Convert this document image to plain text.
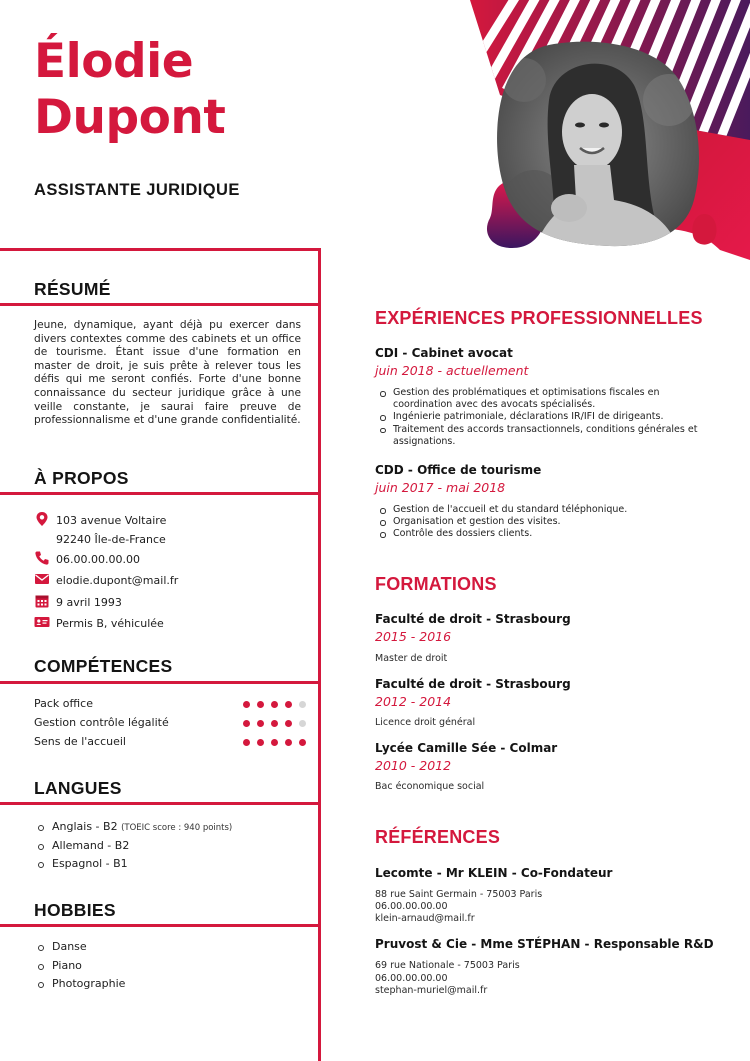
Élodie
Dupont
ASSISTANTE JURIDIQUE
RÉSUMÉ
Jeune, dynamique, ayant déjà pu exercer dans divers contextes comme des cabinets et un office de tourisme. Étant issue d'une formation en master de droit, je suis prête à relever tous les défis qui me seront confiés. Forte d'une bonne connaissance du secteur juridique grâce à une veille constante, je saurai faire preuve de professionnalisme et d'une grande confidentialité.
À PROPOS
103 avenue Voltaire
92240 Île-de-France
06.00.00.00.00
elodie.dupont@mail.fr
9 avril 1993
Permis B, véhiculée
COMPÉTENCES
Pack office
Gestion contrôle légalité
Sens de l'accueil
LANGUES
Anglais - B2 (TOEIC score : 940 points)
Allemand - B2
Espagnol - B1
HOBBIES
Danse
Piano
Photographie
EXPÉRIENCES PROFESSIONNELLES
CDI - Cabinet avocat
juin 2018 - actuellement
Gestion des problématiques et optimisations fiscales en coordination avec des avocats spécialisés.
Ingénierie patrimoniale, déclarations IR/IFI de dirigeants.
Traitement des accords transactionnels, conditions générales et assignations.
CDD - Office de tourisme
juin 2017 - mai 2018
Gestion de l'accueil et du standard téléphonique.
Organisation et gestion des visites.
Contrôle des dossiers clients.
FORMATIONS
Faculté de droit - Strasbourg
2015 - 2016
Master de droit
Faculté de droit - Strasbourg
2012 - 2014
Licence droit général
Lycée Camille Sée - Colmar
2010 - 2012
Bac économique social
RÉFÉRENCES
Lecomte - Mr KLEIN - Co-Fondateur
88 rue Saint Germain - 75003 Paris
06.00.00.00.00
klein-arnaud@mail.fr
Pruvost & Cie - Mme STÉPHAN - Responsable R&D
69 rue Nationale - 75003 Paris
06.00.00.00.00
stephan-muriel@mail.fr
